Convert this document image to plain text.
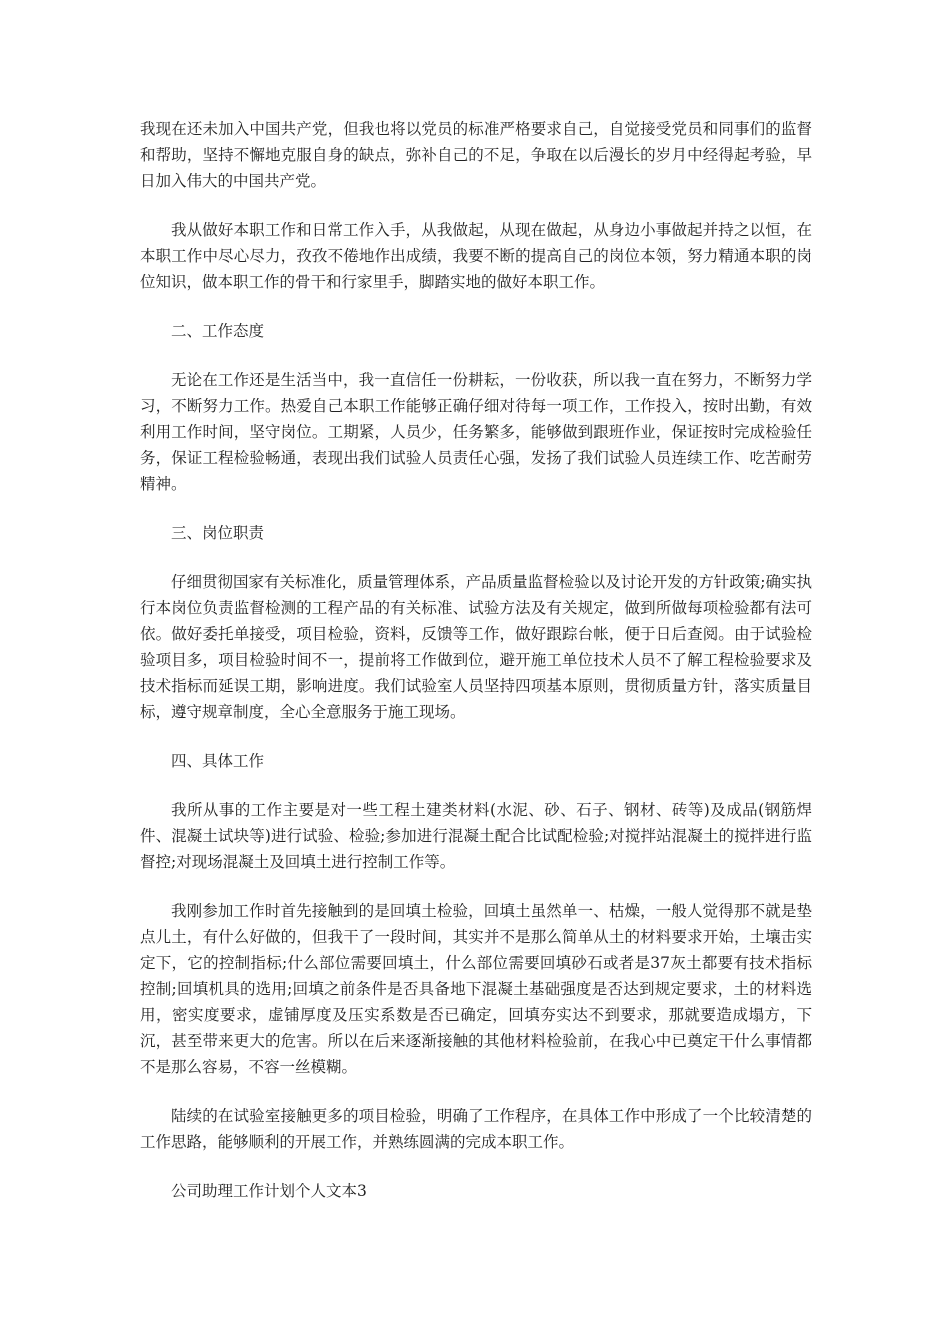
我现在还未加入中国共产党，但我也将以党员的标准严格要求自己，自觉接受党员和同事们的监督和帮助，坚持不懈地克服自身的缺点，弥补自己的不足，争取在以后漫长的岁月中经得起考验，早日加入伟大的中国共产党。

我从做好本职工作和日常工作入手，从我做起，从现在做起，从身边小事做起并持之以恒，在本职工作中尽心尽力，孜孜不倦地作出成绩，我要不断的提高自己的岗位本领，努力精通本职的岗位知识，做本职工作的骨干和行家里手，脚踏实地的做好本职工作。

二、工作态度

无论在工作还是生活当中，我一直信任一份耕耘，一份收获，所以我一直在努力，不断努力学习，不断努力工作。热爱自己本职工作能够正确仔细对待每一项工作，工作投入，按时出勤，有效利用工作时间，坚守岗位。工期紧，人员少，任务繁多，能够做到跟班作业，保证按时完成检验任务，保证工程检验畅通，表现出我们试验人员责任心强，发扬了我们试验人员连续工作、吃苦耐劳精神。

三、岗位职责

仔细贯彻国家有关标准化，质量管理体系，产品质量监督检验以及讨论开发的方针政策;确实执行本岗位负责监督检测的工程产品的有关标准、试验方法及有关规定，做到所做每项检验都有法可依。做好委托单接受，项目检验，资料，反馈等工作，做好跟踪台帐，便于日后查阅。由于试验检验项目多，项目检验时间不一，提前将工作做到位，避开施工单位技术人员不了解工程检验要求及技术指标而延误工期，影响进度。我们试验室人员坚持四项基本原则，贯彻质量方针，落实质量目标，遵守规章制度，全心全意服务于施工现场。

四、具体工作

我所从事的工作主要是对一些工程土建类材料(水泥、砂、石子、钢材、砖等)及成品(钢筋焊件、混凝土试块等)进行试验、检验;参加进行混凝土配合比试配检验;对搅拌站混凝土的搅拌进行监督控;对现场混凝土及回填土进行控制工作等。

我刚参加工作时首先接触到的是回填土检验，回填土虽然单一、枯燥，一般人觉得那不就是垫点儿土，有什么好做的，但我干了一段时间，其实并不是那么简单从土的材料要求开始，土壤击实定下，它的控制指标;什么部位需要回填土，什么部位需要回填砂石或者是37灰土都要有技术指标控制;回填机具的选用;回填之前条件是否具备地下混凝土基础强度是否达到规定要求，土的材料选用，密实度要求，虚铺厚度及压实系数是否已确定，回填夯实达不到要求，那就要造成塌方，下沉，甚至带来更大的危害。所以在后来逐渐接触的其他材料检验前，在我心中已奠定干什么事情都不是那么容易，不容一丝模糊。

陆续的在试验室接触更多的项目检验，明确了工作程序，在具体工作中形成了一个比较清楚的工作思路，能够顺利的开展工作，并熟练圆满的完成本职工作。

公司助理工作计划个人文本3
